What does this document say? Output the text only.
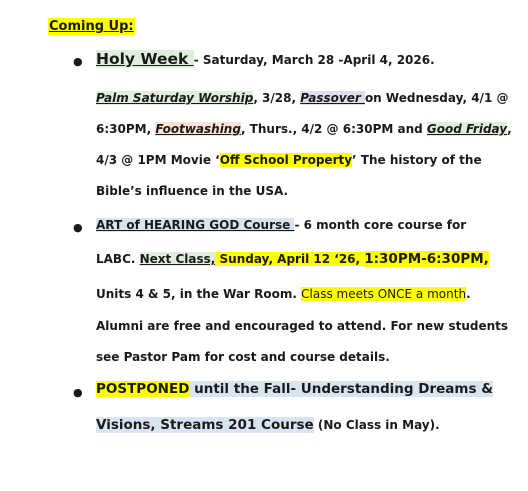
Coming Up:
● Holy Week - Saturday, March 28 -April 4, 2026.
Palm Saturday Worship, 3/28, Passover on Wednesday, 4/1 @
6:30PM, Footwashing, Thurs., 4/2 @ 6:30PM and Good Friday,
4/3 @ 1PM Movie ‘Off School Property’ The history of the
Bible’s influence in the USA.
● ART of HEARING GOD Course - 6 month core course for
LABC. Next Class, Sunday, April 12 ‘26, 1:30PM-6:30PM,
Units 4 & 5, in the War Room. Class meets ONCE a month.
Alumni are free and encouraged to attend. For new students
see Pastor Pam for cost and course details.
● POSTPONED until the Fall- Understanding Dreams &
Visions, Streams 201 Course (No Class in May).
